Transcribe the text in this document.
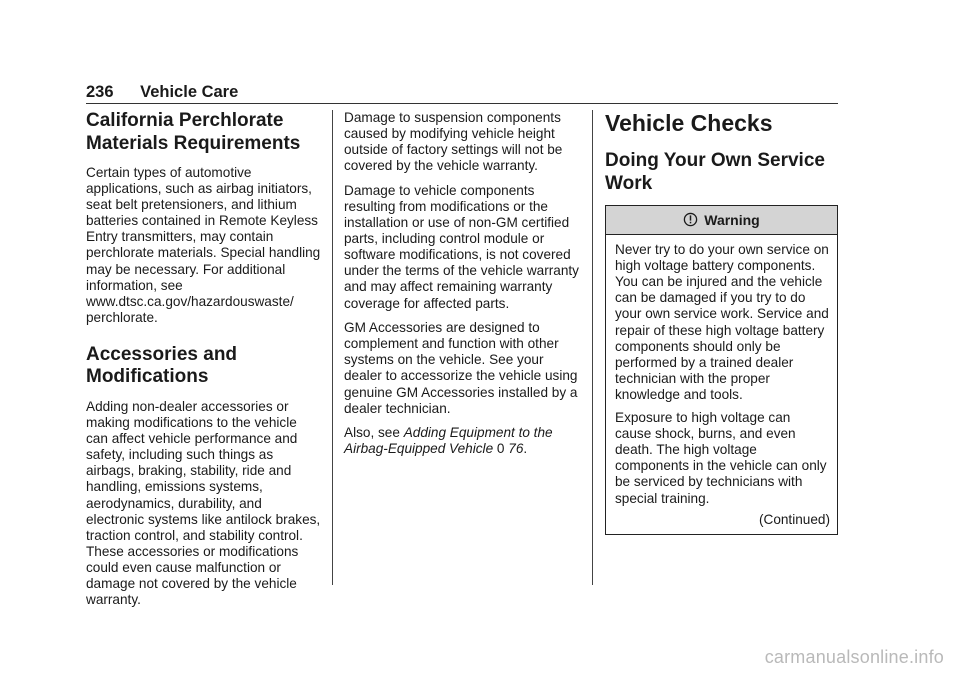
236 Vehicle Care
California Perchlorate Materials Requirements

Certain types of automotive applications, such as airbag initiators, seat belt pretensioners, and lithium batteries contained in Remote Keyless Entry transmitters, may contain perchlorate materials. Special handling may be necessary. For additional information, see www.dtsc.ca.gov/hazardouswaste/ perchlorate.

Accessories and Modifications

Adding non-dealer accessories or making modifications to the vehicle can affect vehicle performance and safety, including such things as airbags, braking, stability, ride and handling, emissions systems, aerodynamics, durability, and electronic systems like antilock brakes, traction control, and stability control. These accessories or modifications could even cause malfunction or damage not covered by the vehicle warranty.

Damage to suspension components caused by modifying vehicle height outside of factory settings will not be covered by the vehicle warranty.

Damage to vehicle components resulting from modifications or the installation or use of non-GM certified parts, including control module or software modifications, is not covered under the terms of the vehicle warranty and may affect remaining warranty coverage for affected parts.

GM Accessories are designed to complement and function with other systems on the vehicle. See your dealer to accessorize the vehicle using genuine GM Accessories installed by a dealer technician.

Also, see Adding Equipment to the Airbag-Equipped Vehicle 0 76.

Vehicle Checks
Doing Your Own Service Work
Warning

Never try to do your own service on high voltage battery components. You can be injured and the vehicle can be damaged if you try to do your own service work. Service and repair of these high voltage battery components should only be performed by a trained dealer technician with the proper knowledge and tools.

Exposure to high voltage can cause shock, burns, and even death. The high voltage components in the vehicle can only be serviced by technicians with special training.

(Continued)
carmanualsonline.info
